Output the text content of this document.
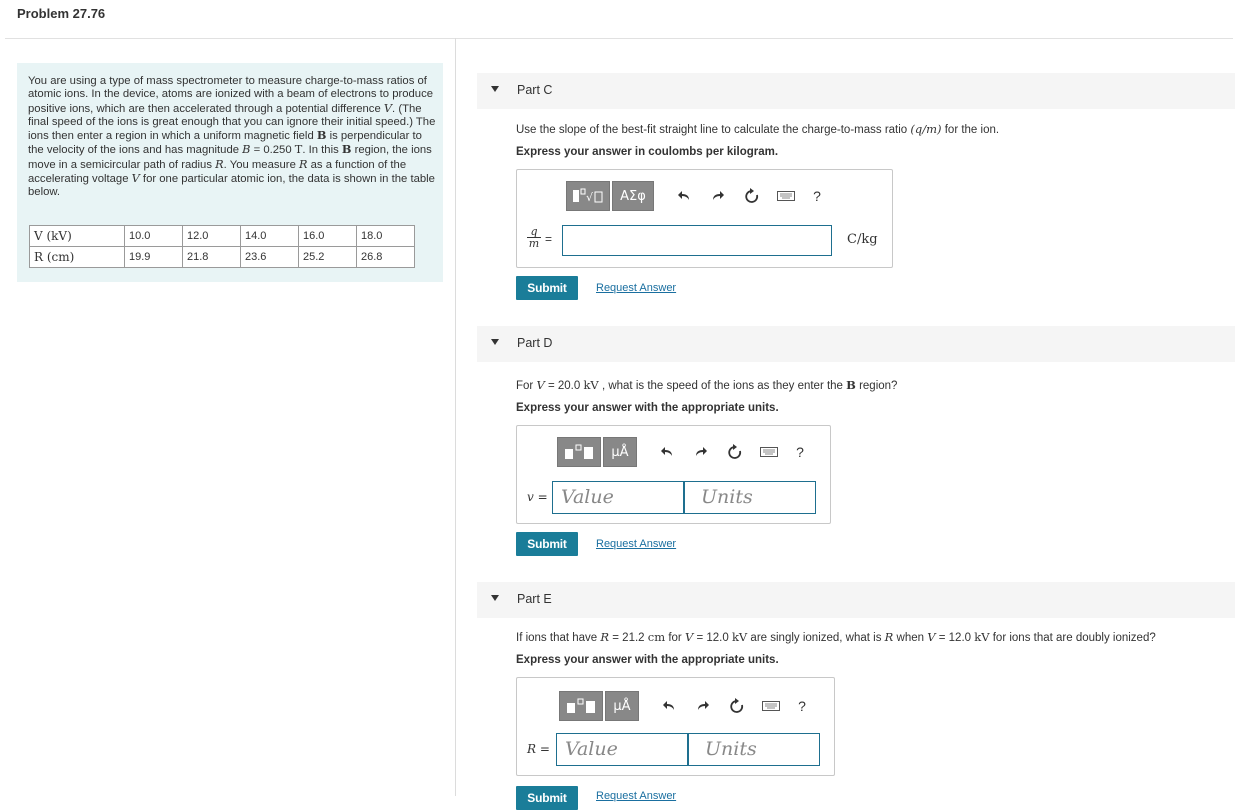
Problem 27.76
You are using a type of mass spectrometer to measure charge-to-mass ratios of atomic ions. In the device, atoms are ionized with a beam of electrons to produce positive ions, which are then accelerated through a potential difference V. (The final speed of the ions is great enough that you can ignore their initial speed.) The ions then enter a region in which a uniform magnetic field B is perpendicular to the velocity of the ions and has magnitude B = 0.250 T. In this B region, the ions move in a semicircular path of radius R. You measure R as a function of the accelerating voltage V for one particular atomic ion, the data is shown in the table below.
V (kV)	10.0	12.0	14.0	16.0	18.0
R (cm)	19.9	21.8	23.6	25.2	26.8
Part C
Use the slope of the best-fit straight line to calculate the charge-to-mass ratio (q/m) for the ion.
Express your answer in coulombs per kilogram.
√	ΑΣφ	?
q
m =	C/kg
Submit	Request Answer
Part D
For V = 20.0 kV , what is the speed of the ions as they enter the B region?
Express your answer with the appropriate units.
μÅ	?
v = Value	Units
Submit	Request Answer
Part E
If ions that have R = 21.2 cm for V = 12.0 kV are singly ionized, what is R when V = 12.0 kV for ions that are doubly ionized?
Express your answer with the appropriate units.
μÅ	?
R = Value	Units
Submit	Request Answer
